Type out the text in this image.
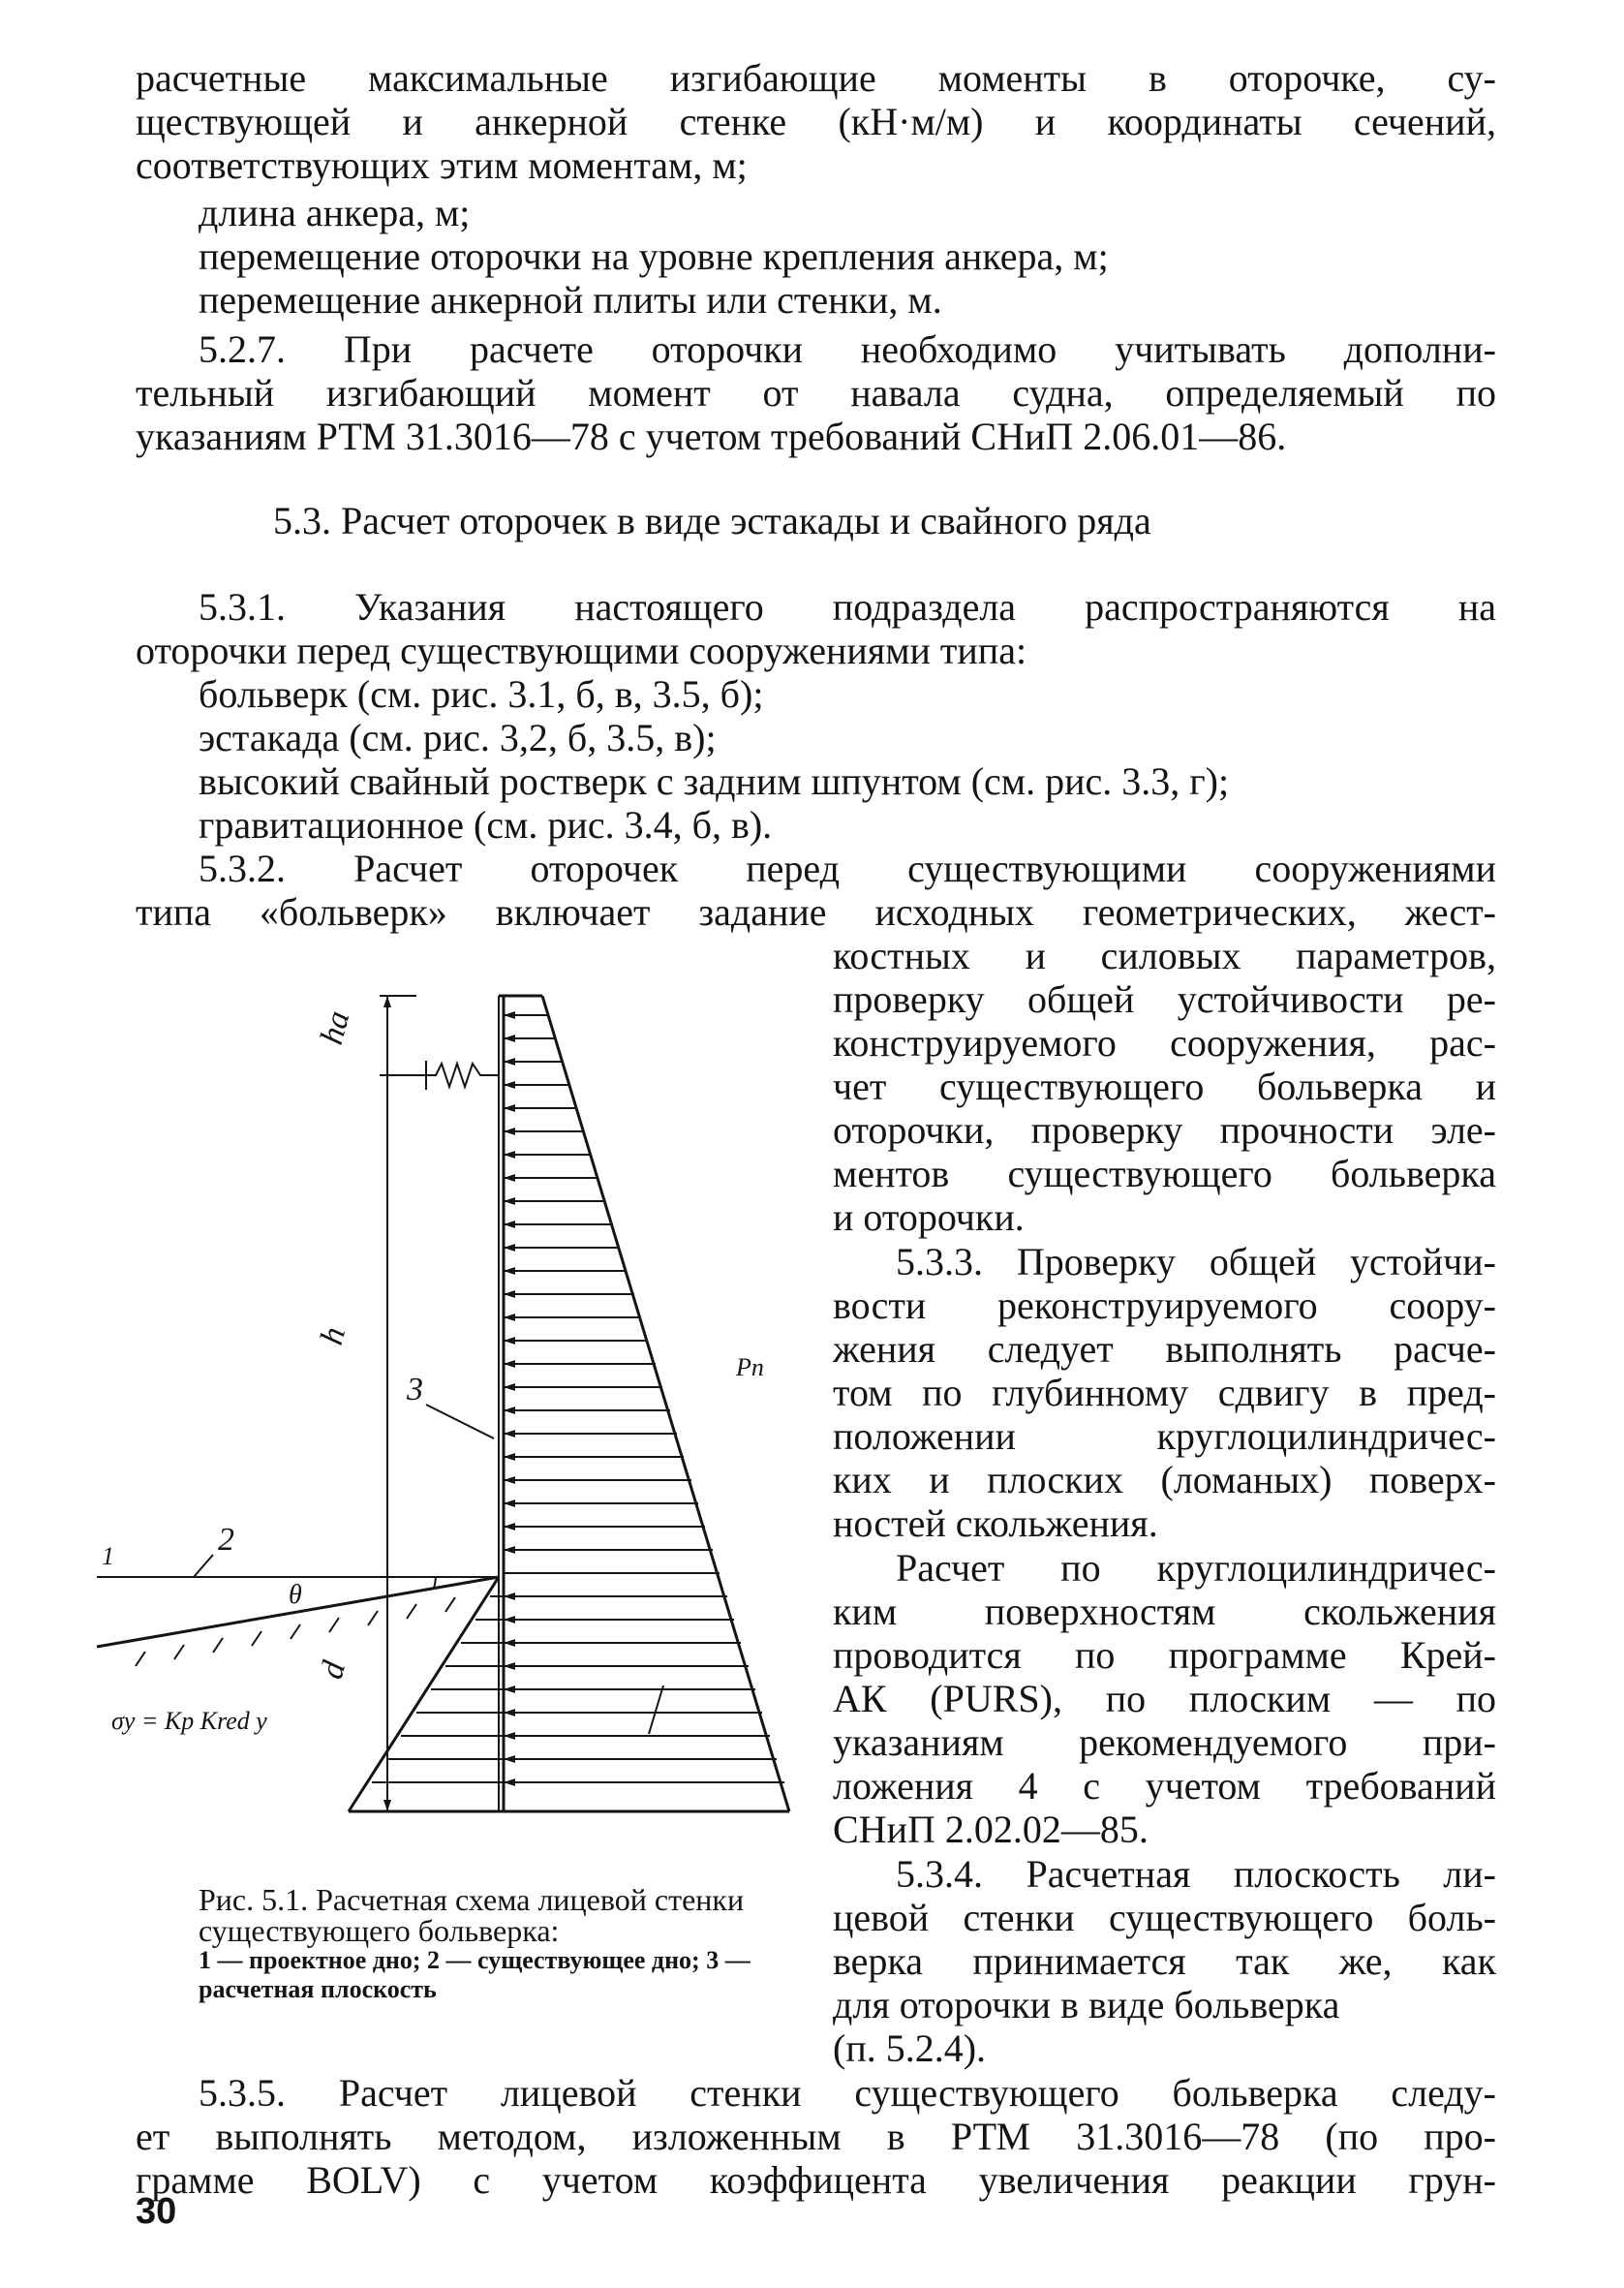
расчетные максимальные изгибающие моменты в оторочке, су-
ществующей и анкерной стенке (кН·м/м) и координаты сечений,
соответствующих этим моментам, м;
длина анкера, м;
перемещение оторочки на уровне крепления анкера, м;
перемещение анкерной плиты или стенки, м.
5.2.7. При расчете оторочки необходимо учитывать дополни-
тельный изгибающий момент от навала судна, определяемый по
указаниям РТМ 31.3016—78 с учетом требований СНиП 2.06.01—86.

5.3. Расчет оторочек в виде эстакады и свайного ряда

5.3.1. Указания настоящего подраздела распространяются на
оторочки перед существующими сооружениями типа:
больверк (см. рис. 3.1, б, в, 3.5, б);
эстакада (см. рис. 3,2, б, 3.5, в);
высокий свайный ростверк с задним шпунтом (см. рис. 3.3, г);
гравитационное (см. рис. 3.4, б, в).
5.3.2. Расчет оторочек перед существующими сооружениями
типа «больверк» включает задание исходных геометрических, жест-
костных и силовых параметров,
проверку общей устойчивости ре-
конструируемого сооружения, рас-
чет существующего больверка и
оторочки, проверку прочности эле-
ментов существующего больверка
и оторочки.
5.3.3. Проверку общей устойчи-
вости реконструируемого соору-
жения следует выполнять расче-
том по глубинному сдвигу в пред-
положении круглоцилиндричес-
ких и плоских (ломаных) поверх-
ностей скольжения.
Расчет по круглоцилиндричес-
ким поверхностям скольжения
проводится по программе Крей-
АК (PURS), по плоским — по
указаниям рекомендуемого при-
ложения 4 с учетом требований
СНиП 2.02.02—85.
5.3.4. Расчетная плоскость ли-
цевой стенки существующего боль-
верка принимается так же, как
для оторочки в виде больверка
(п. 5.2.4).
5.3.5. Расчет лицевой стенки существующего больверка следу-
ет выполнять методом, изложенным в РТМ 31.3016—78 (по про-
грамме BOLV) с учетом коэффицента увеличения реакции грун-
hа
h
d
3
2
1
θ
Pп
σy = Kp Kred y
Рис. 5.1. Расчетная схема лицевой стенки существующего больверка:
1 — проектное дно; 2 — существующее дно; 3 — расчетная плоскость

30
